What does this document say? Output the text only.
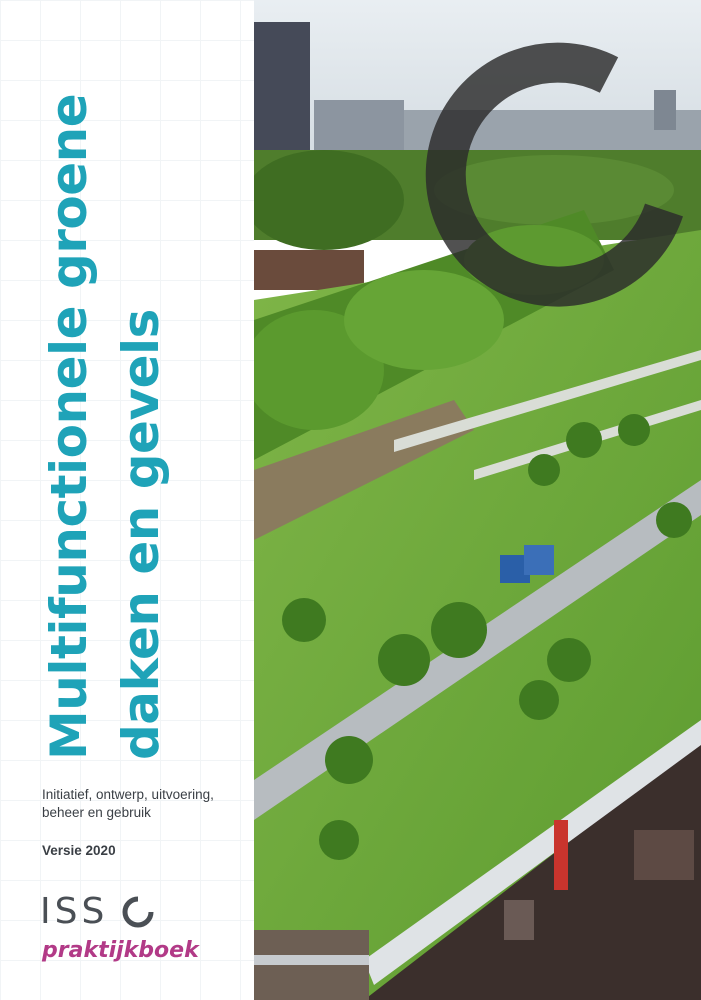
Multifunctionele groene daken en gevels
Initiatief, ontwerp, uitvoering, beheer en gebruik
Versie 2020
ISS
praktijkboek
